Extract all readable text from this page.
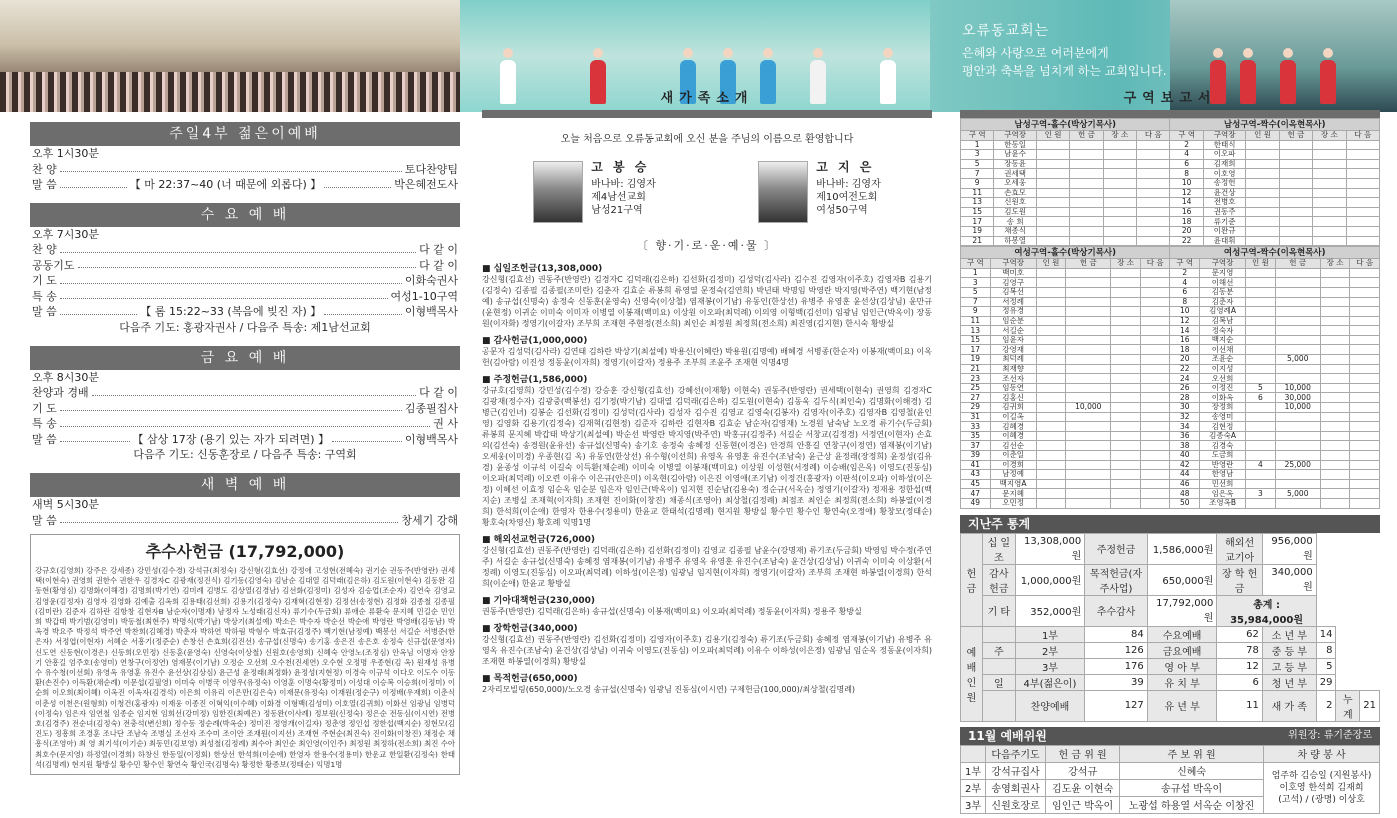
오류동교회는
은혜와 사랑으로 여러분에게
평안과 축복을 넘치게 하는 교회입니다.
주일4부 젊은이예배
오후 1시30분
찬 양	토다찬양팀
말 씀	【 마 22:37~40 (너 때문에 외롭다) 】	박은혜전도사
수 요 예 배
오후 7시30분
찬 양	다 같 이
공동기도	다 같 이
기 도	이화숙권사
특 송	여성1-10구역
말 씀	【 롬 15:22~33 (복음에 빚진 자) 】	이형백목사
다음주 기도: 홍광자권사 / 다음주 특송: 제1남선교회
금 요 예 배
오후 8시30분
찬양과 경배	다 같 이
기 도	김종필집사
특 송	권 사
말 씀	【 삼상 17장 (용기 있는 자가 되려면) 】	이형백목사
다음주 기도: 신동훈장로 / 다음주 특송: 구역회
새 벽 예 배
새벽 5시30분
말 씀	창세기 강해
추수사헌금 (17,792,000)
강규호(김영희) 강주은 강세종) 강민성(김수경) 강석규(최정숙) 강신형(김효선) 강정애 고성현(전혜숙) 권기순 권동주(반영란) 권세택(이현숙) 권영희 권한수 권한우 김경자C 김광재(정진식) 김기동(김영숙) 김남순 김대열 김덕래(김은하) 김도원(이현숙) 김동완 김동현(황영심) 김명화(이해경) 김명희(박기연) 김미례 김병도 김상열(김경남) 김선화(김정미) 김성자 김승업(조순자) 김연숙 김영교 김영윤(김정자) 김영자 김영화 김예출 김옥희 김용태(김선희) 김용기(김정숙) 김재혁(김현정) 김정선(송정현) 김정화 김종철 김종필(김미란) 김준자 김하란 김항창 김현자B 남순자(이명재) 남정자 노성래(김신자) 류기수(두금회) 류애순 류환숙 문지혜 민길순 민인희 박갑태 박기범(김영미) 박동철(최현주) 박명식(박기남) 박상기(최설예) 박소은 박수자 박순선 박순애 박영란 박영배(김동남) 박옥경 박요주 박정석 박주연 박찬희(김혜경) 박춘자 박하연 박하림 박형수 박효규(김정주) 백기현(남정예) 백봉선 서길순 서병준(한은자) 서정엽(이현자) 서혜순 서흥기(정준순) 손창선 손효희(김진선) 송규섭(신명숙) 송기홍 송은진 송은호 송정숙 신규섭(문영자) 신도연 신동현(이경은) 신동희(오민정) 신동훈(윤영숙) 신영숙(이상철) 신원호(송영희) 신혜숙 안영노(조정심) 안옥님 이명자 안창기 안흥길 엄주호(송영미) 연창구(이정연) 염재봉(이기남) 오정순 오선희 오수천(진세연) 오수현 오정명 우종현(김 옥) 원재성 유병수 유수청(이선회) 유영옥 유영훈 유진수 윤선상(김상심) 윤근성 윤정래(최정화) 윤정성(지현정) 이경숙 이규석 이다오 이도수 이동환(손진수) 이득환(채순례) 이문섭(김필영) 이미숙 이병국 이영우(유정숙) 이영훈 이명숙(황정미) 이성대 이승복 이승희(이정미) 이순희 이오희(최이혜) 이옥진 이옥자(김경석) 이은희 이유리 이은만(김은숙) 이재문(유정숙) 이재원(정순구) 이정배(우재희) 이춘식 이춘성 이천은(원형희) 이청건(홍광자) 이재웅 이종진 이혁익(이수혜) 이화경 이형백(김성미) 이호열(김귀희) 이화선 임광님 임병덕(이정숙) 임은자 임연철 임종순 임지현 임희선(강미정) 임한진(최예은) 정동완(이사례) 정보원(신정숙) 정은순 전동심(이시연) 전병호(김경주) 전순녀(김정숙) 전충석(변신희) 정수동 정순례(박옥순) 정미진 정영개(이길자) 정춘영 정인섭 정한섭(백지순) 정현모(김진도) 정흥희 조경훈 조나단 조남숙 조병실 조선자 조수미 조이안 조재원(이지선) 조재현 주현순(최진숙) 진이화(이창진) 채정순 채흥식(조영아) 최 영 최기석(이기순) 최동민(김보영) 최성철(김정례) 최수아 최인순 최인영(이인주) 최정원 최정하(전소희) 최진 수아 최호수(문지영) 하정열(이경희) 하창신 한동일(이정회) 한상선 한석희(이순애) 한영자 한용수(정용미) 한운교 한일환(김정숙) 한태석(김명례) 현지원 황방실 황수민 황수인 황연숙 황인국(김명숙) 황정한 황종보(정태순) 익명1명
새가족소개
오늘 처음으로 오류동교회에 오신 분을 주님의 이름으로 환영합니다
고 봉 승
바나바: 김영자
제4남선교회
남성21구역
고 지 은
바나바: 김영자
제10여전도회
여성50구역
〔 향·기·로·운·예·물 〕
■ 십일조헌금(13,308,000)
강신형(김효선) 권동주(반영란) 김경자C 김덕래(김은하) 김선화(김정미) 김성덕(김사라) 김수진 김영자(이주호) 김영자B 김용기(김정숙) 김종필 김종필(조미란) 김춘자 김효순 류봉희 류영열 문정숙(김연희) 박년태 박명임 박영란 박지영(박주연) 백기현(남정예) 송규섭(신명숙) 송정숙 신동훈(윤영숙) 신영숙(이상철) 염재봉(이기남) 유동인(한상선) 유병주 유영훈 윤선상(김상님) 윤만규(윤현정) 이귀순 이미숙 이미자 이병열 이봉재(백미요) 이상원 이오파(최덕례) 이의영 이형백(김선미) 임광님 임인근(박옥이) 장동원(이자화) 정영기(이갈자) 조부희 조재현 주현정(전소희) 최인순 최정원 최정희(전소희) 최진영(김지현) 한시숙 황방실
■ 감사헌금(1,000,000)
공문자 김성덕(김사라) 김연태 김하란 박상기(최설예) 박용신(이혜란) 박용원(김명예) 배혜경 서병종(한순자) 이봉재(백미요) 이옥헌(김아람) 이진성 정동윤(이자희) 정영기(이갈자) 정용주 조부희 조윤주 조재현 익명4명
■ 주정헌금(1,586,000)
강규호(김영희) 강민성(김수경) 강승훈 강신형(김효선) 강혜선(이재황) 이현숙) 권동주(반영란) 권세택(이현숙) 권영희 김경자C 김광재(정수자) 김광중(백봉선) 김기정(박기남) 김대열 김덕래(김은하) 김도원(이현숙) 김동욱 김두식(최인숙) 김명화(이해경) 김병근(김인녀) 김봉순 김선화(김정미) 김성덕(김사라) 김성자 김수진 김영교 김영숙(김봉자) 김영자(이주호) 김영자B 김영철(윤인영) 김영화 김용기(김정숙) 김재혁(김현정) 김준자 김하란 김현자B 김효순 남순자(김영재) 노경원 남숙남 노오경 류기수(두금회) 류봉희 문지혜 박갑태 박상기(최설예) 박순선 박영란 박지영(박주연) 박홍규(김정주) 서길순 서창교(김정경) 서정연(이현자) 손효의(김선숙) 송경원(윤유선) 송규섭(신명숙) 송기호 송정숙 송혜정 신동현(이경은) 안경희 안흥길 연창구(이정연) 염재봉(이기남) 오세웅(이미경) 우종현(김 옥) 유동연(한상선) 유수형(이선희) 유영옥 유영훈 유진수(조남숙) 윤근상 윤정래(장정희) 윤정성(김유경) 윤종성 이규석 이길숙 이득환(채순례) 이미숙 이병열 이봉재(백미요) 이상원 이성현(서정례) 이승배(임은옥) 이영도(진동심) 이오파(최덕례) 이오련 이유수 이은규(안은미) 이옥현(김아람) 이은진 이영애(조기남) 이정건(홍광자) 이판석(이오파) 이하성(이은정) 이혜선 이효정 임순옥 임순분 임은자 임인근(박옥이) 임지현 진순남(김용숙) 정순규(서옥순) 정영기(이갈자) 정재용 정한섭(백지순) 조병실 조재혁(이자희) 조재현 진이화(이창진) 채종식(조영아) 최상철(김정례) 최점조 최인순 최정희(전소희) 하봉열(이경희) 한석희(이순애) 한영자 한용수(정용미) 한윤교 한태석(김명례) 현지원 황방실 황수민 황수인 황연숙(오정애) 황창모(정태순) 황호숙(차영신) 황호례 익명1명
■ 해외선교헌금(726,000)
강신형(김효선) 권동주(반영란) 김덕래(김은하) 김선화(김정미) 김영교 김종필 남윤수(강명재) 류기조(두금회) 박영임 박수정(주연주) 서길순 송규섭(신명숙) 송혜정 염재봉(이기남) 유병주 유영옥 유영훈 유진수(조남숙) 윤건상(김상님) 이귀숙 이미숙 이상환(서정례) 이영도(진동심) 이오파(최덕례) 이하성(이은정) 임광님 임지현(이자희) 정영기(이갈자) 조부희 조재현 하봉열(이경희) 한석희(이순애) 한윤교 황방실
■ 기아대책헌금(230,000)
권동주(반영란) 김덕래(김은하) 송규섭(신명숙) 이봉재(백미요) 이오파(최덕례) 정동윤(이자희) 정용주 황방실
■ 장학헌금(340,000)
강신형(김효선) 권동주(반영란) 김선화(김정미) 김영자(이주호) 김용기(김정숙) 류기조(두금회) 송혜정 염재봉(이기남) 유병주 유영옥 유진수(조남숙) 윤건상(김상님) 이귀숙 이영도(진동심) 이오파(최덕례) 이유수 이하성(이은정) 임광님 임순옥 정동윤(이자희) 조재현 하봉열(이경희) 황방실
■ 목적헌금(650,000)
2자리모빌링(650,000)/노오경 송규섭(신명숙) 임광님 진동심(이시연) 구제헌금(100,000)/최상철(김명례)
구역보고서
남성구역-홀수(박상기목사)						남성구역-짝수(이옥현목사)					
구 역	구역장	인 원	헌 금	장 소	다 음	구 역	구역장	인 원	헌 금	장 소	다 음
1	한동일					2	한태식				
3	남윤수					4	이오파				
5	장동윤					6	김재희				
7	권세택					8	이호영				
9	오세웅					10	송정헌				
11	손효모					12	윤건상				
13	신원호					14	전병호				
15	김도원					16	권동주				
17	송 희					18	류기준				
19	채종식					20	이완규				
21	하봉열					22	윤대휘				
여성구역-홀수(박상기목사)						여성구역-짝수(이옥현목사)					
구 역	구역장	인 원	헌 금	장 소	다 음	구 역	구역장	인 원	헌 금	장 소	다 음
1	백미호					2	문지영				
3	김영구					4	이해선				
5	김복선					6	김동분				
7	서정례					8	김춘자				
9	정유경					10	김영례A				
11	임순분					12	김복남				
13	서길순					14	정숙자				
15	임윤자					16	백지순				
17	강영재					18	이선채				
19	최덕례					20	조윤순		5,000		
21	최재향					22	이지성				
23	조선자					24	오선희				
25	임동연					26	이정진	5	10,000		
27	김홍신					28	이화옥	6	30,000		
29	김귀희		10,000			30	장정희		10,000		
31	이길옥					32	송영미				
33	김혜경					34	김현정				
35	이혜경					36	김종숙A				
37	김선순					38	김경숙				
39	이춘일					40	도금희				
41	이경희					42	반영란	4	25,000		
43	남정예					44	한영남				
45	백지영A					46	민선희				
47	문지혜					48	임은옥	3	5,000		
49	오민정					50	조영옥B				
지난주 통계
헌금	십 일 조	13,308,000원	주정헌금	1,586,000원	해외선교기아	956,000원			
	감사헌금	1,000,000원	목적헌금(자주사업)	650,000원	장 학 헌 금	340,000원			
	기 타	352,000원	추수감사	17,792,000원	총계 : 35,984,000원				

예배
인원		1부	84	수요예배	62	소 년 부	14		
	주	2부	126	금요예배	78	중 등 부	8		
		3부	176	영 아 부	12	고 등 부	5		
	일	4부(젊은이)	39	유 치 부	6	청 년 부	29		
		찬양예배	127	유 년 부	11	새 가 족	2	누 계	21
11월 예배위원	위원장: 류기준장로
	다음주기도	헌 금 위 원	주 보 위 원	차 량 봉 사
1부	강석규집사	강석규	신혜숙	엄주하 김승일 (지원봉사)
이호영 한석희 김재희
(고석) / (광명) 이상호

2부	송영회권사	김도윤 이현숙	송규섭 박옥이	
3부	신원호장로	임인근 박옥이	노광섭 하용열 서옥순 이창진	
